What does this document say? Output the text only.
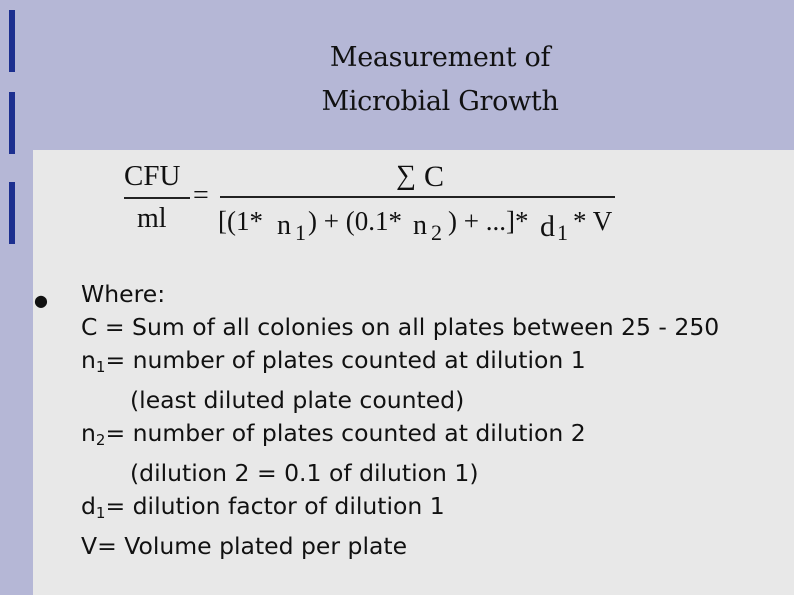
Measurement of
Microbial Growth
CFU
ml
=
∑ C
[(1* n 1 ) + (0.1* n 2 ) + ...]* d 1 * V
● Where:
C = Sum of all colonies on all plates between 25 - 250
$n_1=$ number of plates counted at dilution 1
(least diluted plate counted)
$n_2=$ number of plates counted at dilution 2
(dilution 2 = 0.1 of dilution 1)
$d_1=$ dilution factor of dilution 1
V= Volume plated per plate
